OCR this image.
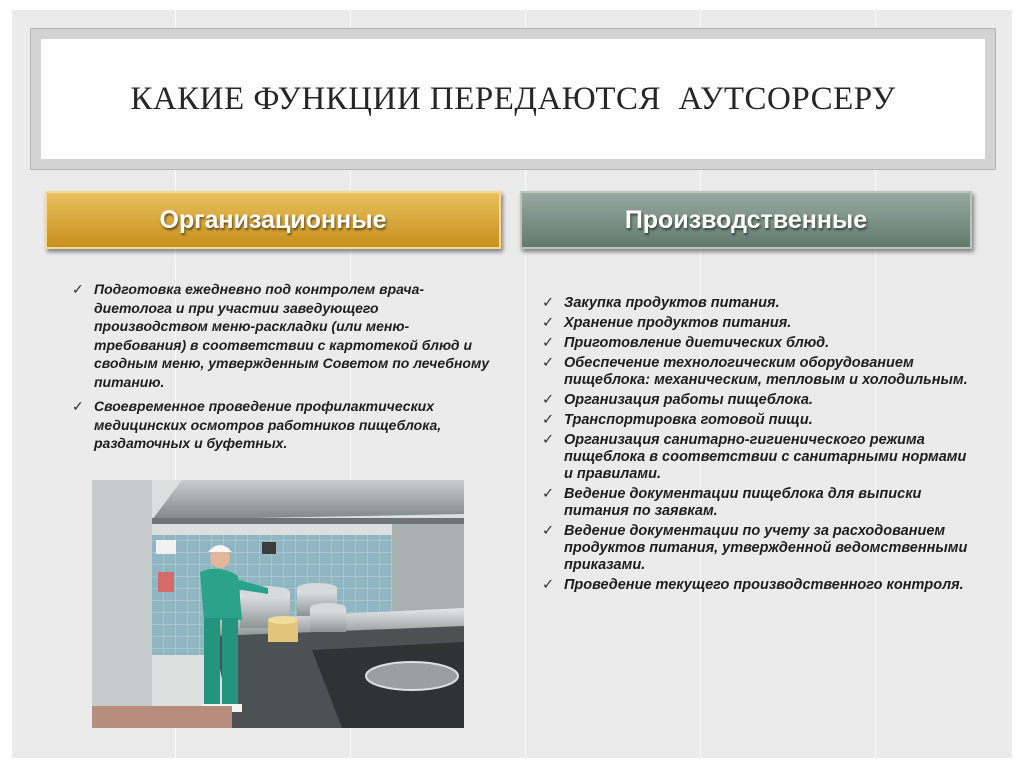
КАКИЕ ФУНКЦИИ ПЕРЕДАЮТСЯ  АУТСОРСЕРУ
Организационные	Производственные
✓ Подготовка ежедневно под контролем врача-диетолога и при участии заведующего производством меню-раскладки (или меню-требования) в соответствии с картотекой блюд и сводным меню, утвержденным Советом по лечебному питанию.
✓ Своевременное проведение профилактических медицинских осмотров работников пищеблока, раздаточных и буфетных.
✓ Закупка продуктов питания.
✓ Хранение продуктов питания.
✓ Приготовление диетических блюд.
✓ Обеспечение технологическим оборудованием пищеблока: механическим, тепловым и холодильным.
✓ Организация работы пищеблока.
✓ Транспортировка готовой пищи.
✓ Организация санитарно-гигиенического режима пищеблока в соответствии с санитарными нормами и правилами.
✓ Ведение документации пищеблока для выписки питания по заявкам.
✓ Ведение документации по учету за расходованием продуктов питания, утвержденной ведомственными приказами.
✓ Проведение текущего производственного контроля.
